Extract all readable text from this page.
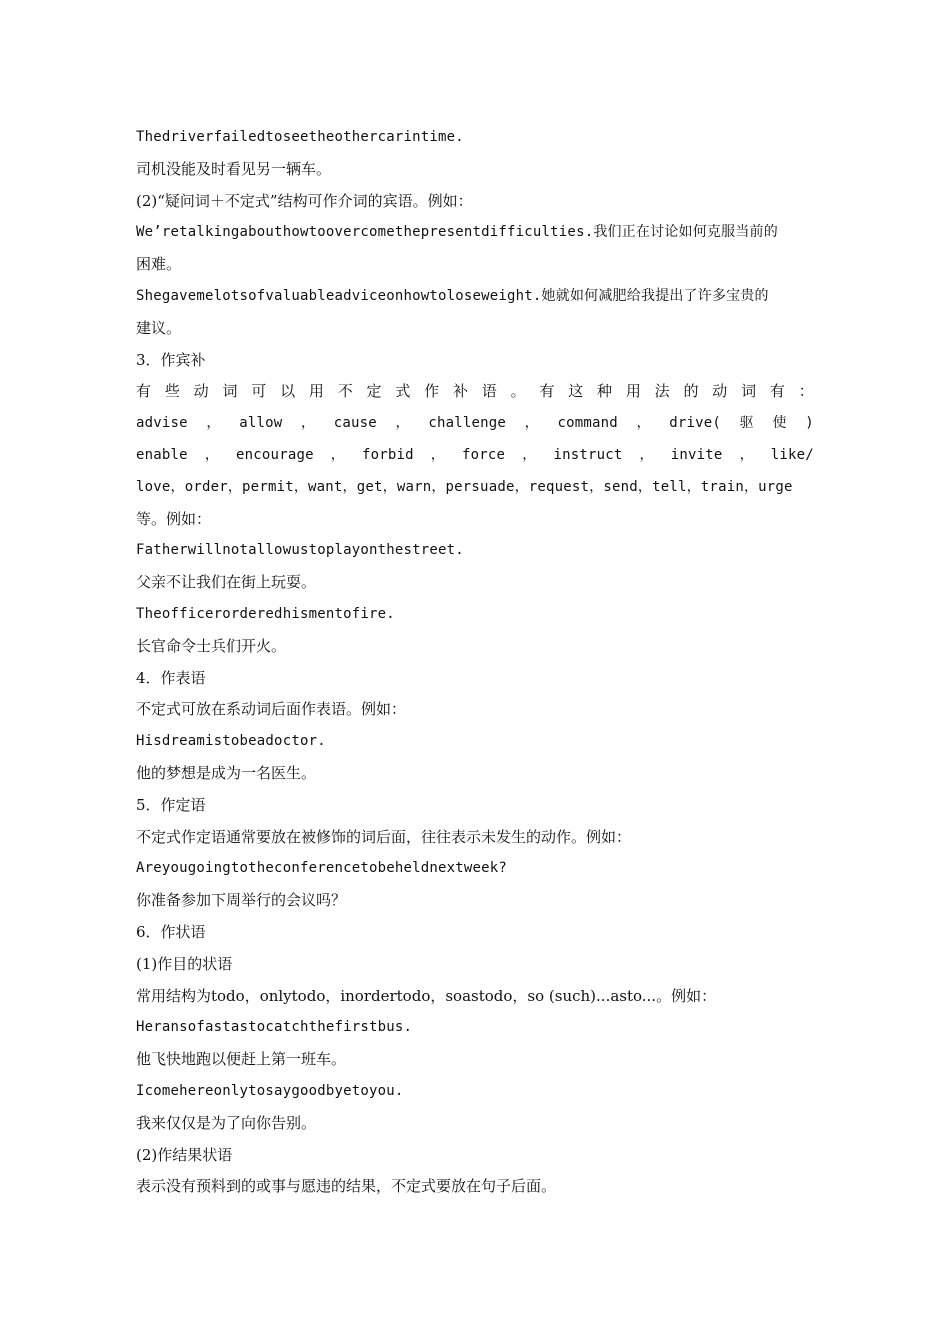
Thedriverfailedtoseetheothercarintime.
司机没能及时看见另一辆车。
(2)“疑问词＋不定式”结构可作介词的宾语。例如：
We’retalkingabouthowtoovercomethepresentdifficulties.我们正在讨论如何克服当前的
困难。
Shegavemelotsofvaluableadviceonhowtoloseweight.她就如何减肥给我提出了许多宝贵的
建议。
3．作宾补
有 些 动 词 可 以 用 不 定 式 作 补 语 。 有 这 种 用 法 的 动 词 有 ：
advise ， allow ， cause ， challenge ， command ， drive( 驱 使 )
enable ， encourage ， forbid ， force ， instruct ， invite ， like/
love，order，permit，want，get，warn，persuade，request，send，tell，train，urge
等。例如：
Fatherwillnotallowustoplayonthestreet.
父亲不让我们在街上玩耍。
Theofficerorderedhismentofire.
长官命令士兵们开火。
4．作表语
不定式可放在系动词后面作表语。例如：
Hisdreamistobeadoctor.
他的梦想是成为一名医生。
5．作定语
不定式作定语通常要放在被修饰的词后面，往往表示未发生的动作。例如：
Areyougoingtotheconferencetobeheldnextweek?
你准备参加下周举行的会议吗？
6．作状语
(1)作目的状语
常用结构为todo，onlytodo，inordertodo，soastodo，so (such)...asto...。例如：
Heransofastastocatchthefirstbus.
他飞快地跑以便赶上第一班车。
Icomehereonlytosaygoodbyetoyou.
我来仅仅是为了向你告别。
(2)作结果状语
表示没有预料到的或事与愿违的结果，不定式要放在句子后面。
